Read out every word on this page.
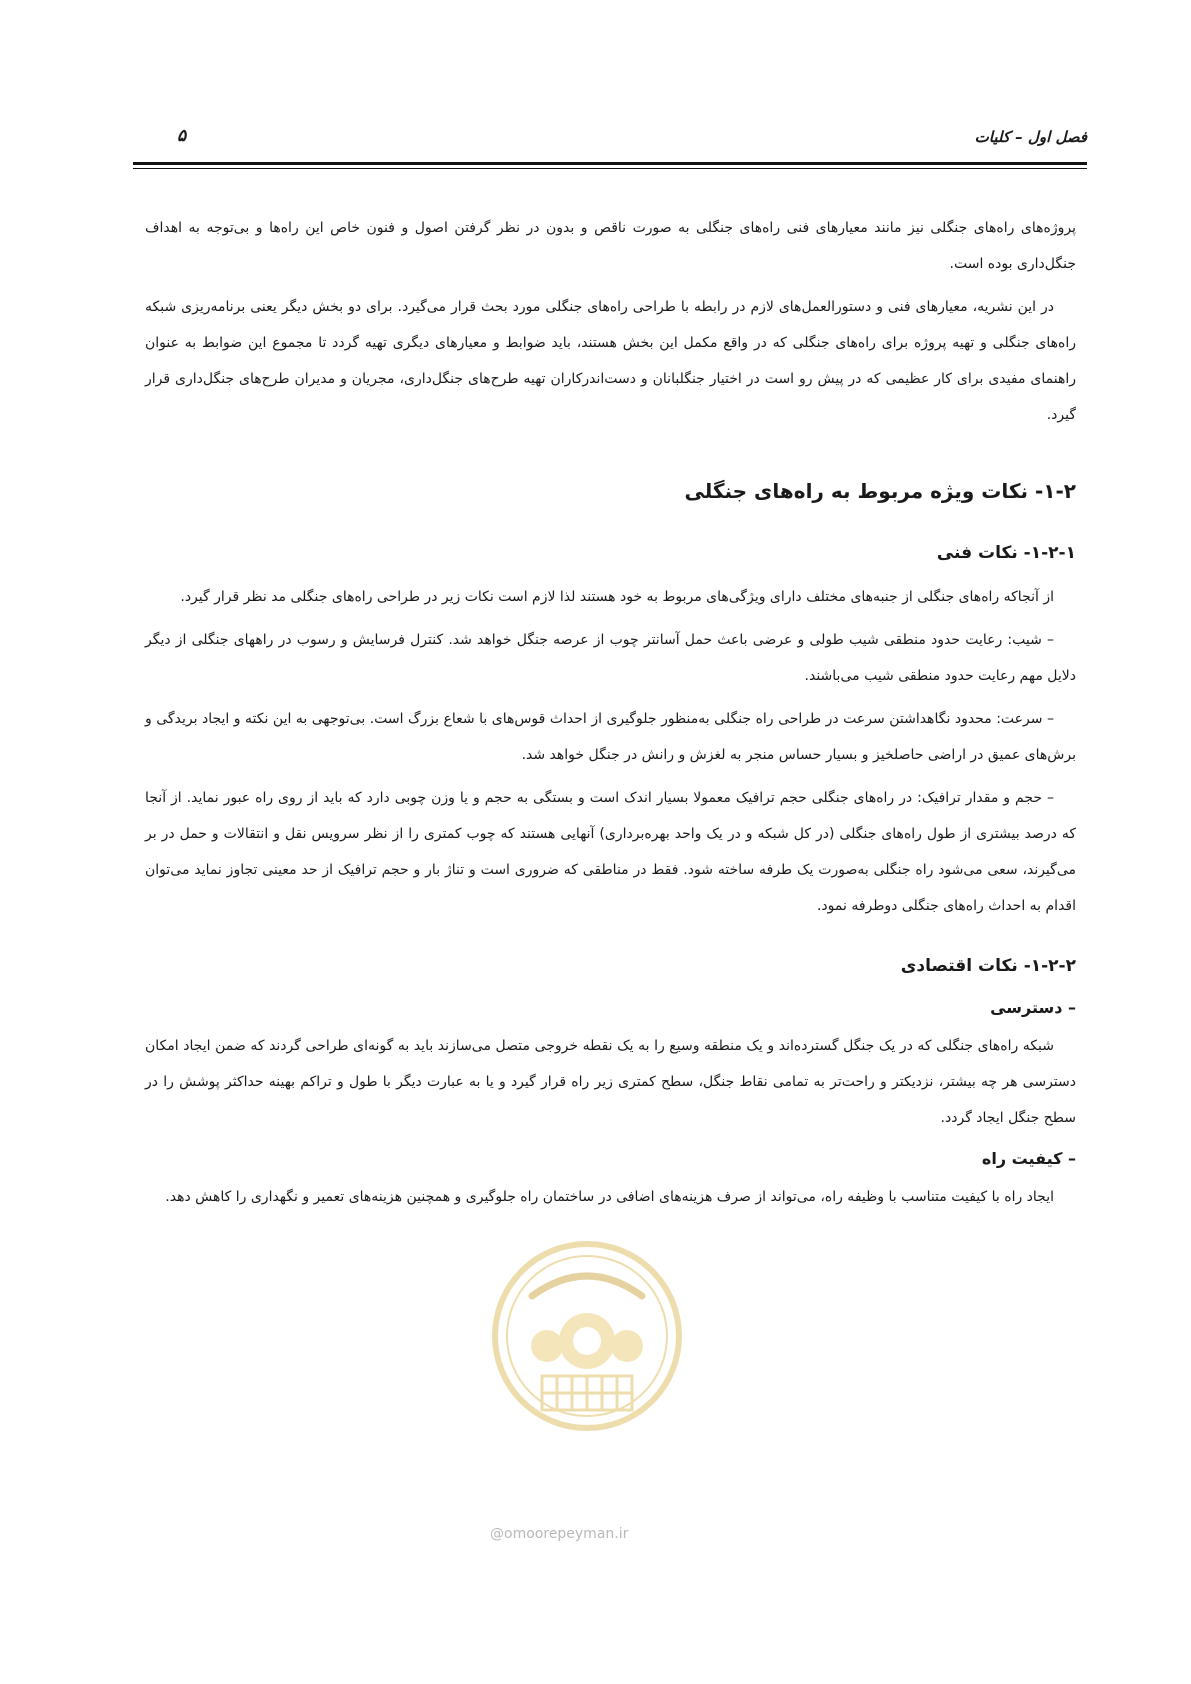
فصل اول – کلیات
۵

پروژه‌های راه‌های جنگلی نیز مانند معیارهای فنی راه‌های جنگلی به صورت ناقص و بدون در نظر گرفتن اصول و فنون خاص این راه‌ها و بی‌توجه به اهداف جنگل‌داری بوده است.

در این نشریه، معیارهای فنی و دستورالعمل‌های لازم در رابطه با طراحی راه‌های جنگلی مورد بحث قرار می‌گیرد. برای دو بخش دیگر یعنی برنامه‌ریزی شبکه راه‌های جنگلی و تهیه پروژه برای راه‌های جنگلی که در واقع مکمل این بخش هستند، باید ضوابط و معیارهای دیگری تهیه گردد تا مجموع این ضوابط به عنوان راهنمای مفیدی برای کار عظیمی که در پیش رو است در اختیار جنگلبانان و دست‌اندرکاران تهیه طرح‌های جنگل‌داری، مجریان و مدیران طرح‌های جنگل‌داری قرار گیرد.

۱-۲- نکات ویژه مربوط به راه‌های جنگلی
۱-۲-۱- نکات فنی

از آنجاکه راه‌های جنگلی از جنبه‌های مختلف دارای ویژگی‌های مربوط به خود هستند لذا لازم است نکات زیر در طراحی راه‌های جنگلی مد نظر قرار گیرد.

– شیب: رعایت حدود منطقی شیب طولی و عرضی باعث حمل آسانتر چوب از عرصه جنگل خواهد شد. کنترل فرسایش و رسوب در راههای جنگلی از دیگر دلایل مهم رعایت حدود منطقی شیب می‌باشند.

– سرعت: محدود نگاهداشتن سرعت در طراحی راه جنگلی به‌منظور جلوگیری از احداث قوس‌های با شعاع بزرگ است. بی‌توجهی به این نکته و ایجاد بریدگی و برش‌های عمیق در اراضی حاصلخیز و بسیار حساس منجر به لغزش و رانش در جنگل خواهد شد.

– حجم و مقدار ترافیک: در راه‌های جنگلی حجم ترافیک معمولا بسیار اندک است و بستگی به حجم و یا وزن چوبی دارد که باید از روی راه عبور نماید. از آنجا که درصد بیشتری از طول راه‌های جنگلی (در کل شبکه و در یک واحد بهره‌برداری) آنهایی هستند که چوب کمتری را از نظر سرویس نقل و انتقالات و حمل در بر می‌گیرند، سعی می‌شود راه جنگلی به‌صورت یک طرفه ساخته شود. فقط در مناطقی که ضروری است و تناژ بار و حجم ترافیک از حد معینی تجاوز نماید می‌توان اقدام به احداث راه‌های جنگلی دوطرفه نمود.

۱-۲-۲- نکات اقتصادی
– دسترسی

شبکه راه‌های جنگلی که در یک جنگل گسترده‌اند و یک منطقه وسیع را به یک نقطه خروجی متصل می‌سازند باید به گونه‌ای طراحی گردند که ضمن ایجاد امکان دسترسی هر چه بیشتر، نزدیکتر و راحت‌تر به تمامی نقاط جنگل، سطح کمتری زیر راه قرار گیرد و یا به عبارت دیگر با طول و تراکم بهینه حداکثر پوشش را در سطح جنگل ایجاد گردد.

– کیفیت راه

ایجاد راه با کیفیت متناسب با وظیفه راه، می‌تواند از صرف هزینه‌های اضافی در ساختمان راه جلوگیری و همچنین هزینه‌های تعمیر و نگهداری را کاهش دهد.

@omoorepeyman.ir
